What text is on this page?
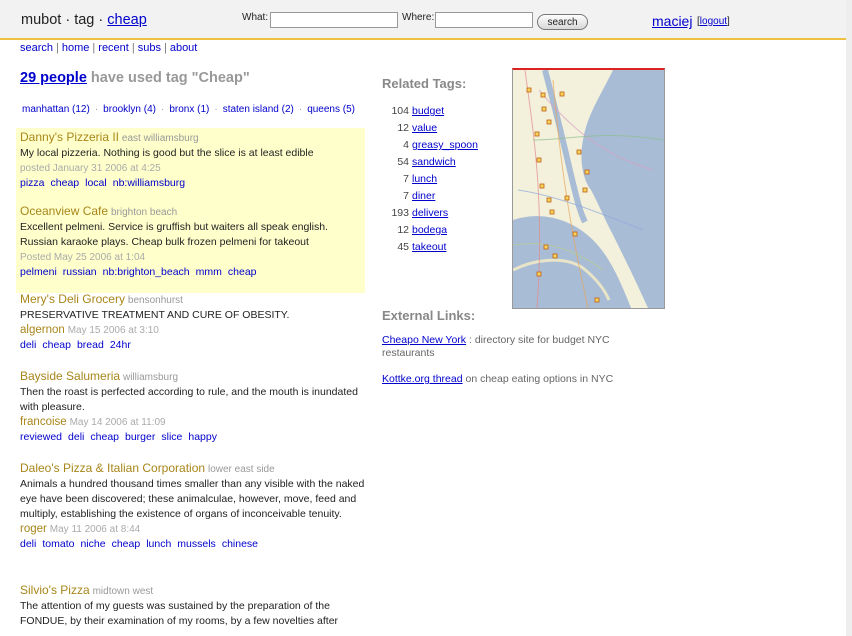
mubot · tag · cheap	What:	Where:	search	maciej [logout]
search | home | recent | subs | about
29 people have used tag "Cheap"
manhattan (12) · brooklyn (4) · bronx (1) · staten island (2) · queens (5)
Danny's Pizzeria II east williamsburg
My local pizzeria. Nothing is good but the slice is at least edible
posted January 31 2006 at 4:25
pizza cheap local nb:williamsburg
Oceanview Cafe brighton beach
Excellent pelmeni. Service is gruffish but waiters all speak english. Russian karaoke plays. Cheap bulk frozen pelmeni for takeout
Posted May 25 2006 at 1:04
pelmeni russian nb:brighton_beach mmm cheap
Mery's Deli Grocery bensonhurst
PRESERVATIVE TREATMENT AND CURE OF OBESITY.
algernon May 15 2006 at 3:10
deli cheap bread 24hr
Bayside Salumeria williamsburg
Then the roast is perfected according to rule, and the mouth is inundated with pleasure.
francoise May 14 2006 at 11:09
reviewed deli cheap burger slice happy
Daleo's Pizza & Italian Corporation lower east side
Animals a hundred thousand times smaller than any visible with the naked eye have been discovered; these animalculae, however, move, feed and multiply, establishing the existence of organs of inconceivable tenuity.
roger May 11 2006 at 8:44
deli tomato niche cheap lunch mussels chinese
Silvio's Pizza midtown west
The attention of my guests was sustained by the preparation of the FONDUE, by their examination of my rooms, by a few novelties after
Related Tags:
104 budget
12 value
4 greasy_spoon
54 sandwich
7 lunch
7 diner
193 delivers
12 bodega
45 takeout
External Links:
Cheapo New York : directory site for budget NYC restaurants
Kottke.org thread on cheap eating options in NYC
